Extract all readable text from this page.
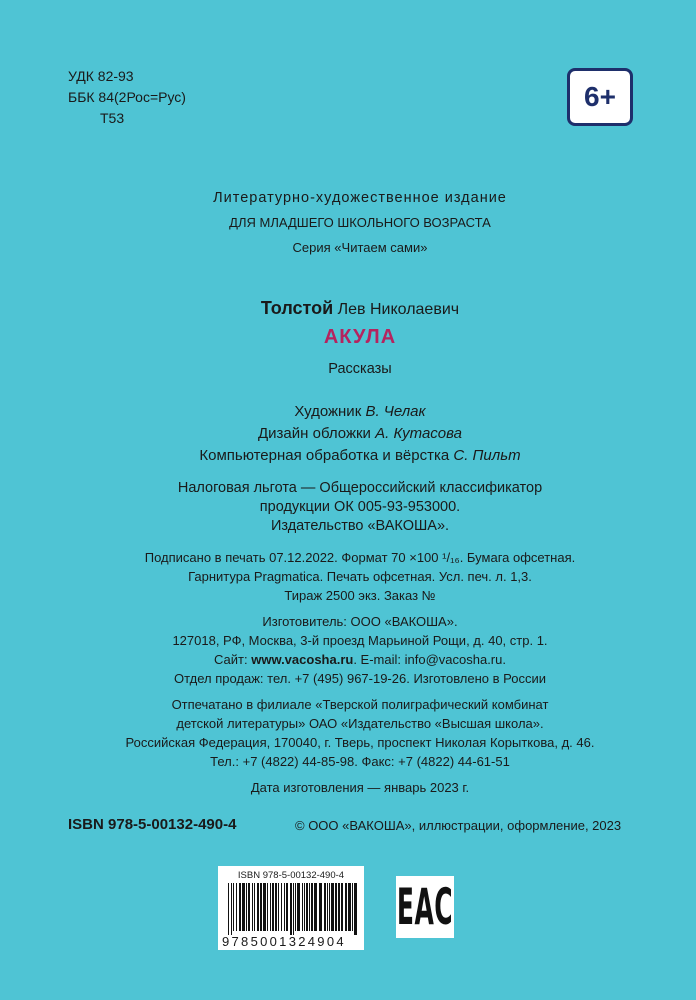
УДК 82-93
ББК 84(2Рос=Рус)
Т53
6+
Литературно-художественное издание
ДЛЯ МЛАДШЕГО ШКОЛЬНОГО ВОЗРАСТА
Серия «Читаем сами»
Толстой Лев Николаевич
АКУЛА
Рассказы
Художник В. Челак
Дизайн обложки А. Кутасова
Компьютерная обработка и вёрстка С. Пильт
Налоговая льгота — Общероссийский классификатор
продукции ОК 005-93-953000.
Издательство «ВАКОША».
Подписано в печать 07.12.2022. Формат 70 ×100 ¹/₁₆. Бумага офсетная.
Гарнитура Pragmatica. Печать офсетная. Усл. печ. л. 1,3.
Тираж 2500 экз. Заказ №
Изготовитель: ООО «ВАКОША».
127018, РФ, Москва, 3-й проезд Марьиной Рощи, д. 40, стр. 1.
Сайт: www.vacosha.ru. E-mail: info@vacosha.ru.
Отдел продаж: тел. +7 (495) 967-19-26. Изготовлено в России
Отпечатано в филиале «Тверской полиграфический комбинат
детской литературы» ОАО «Издательство «Высшая школа».
Российская Федерация, 170040, г. Тверь, проспект Николая Корыткова, д. 46.
Тел.: +7 (4822) 44-85-98. Факс: +7 (4822) 44-61-51
Дата изготовления — январь 2023 г.
ISBN 978-5-00132-490-4	© ООО «ВАКОША», иллюстрации, оформление, 2023
ISBN 978-5-00132-490-4
9785001324904
EAC
